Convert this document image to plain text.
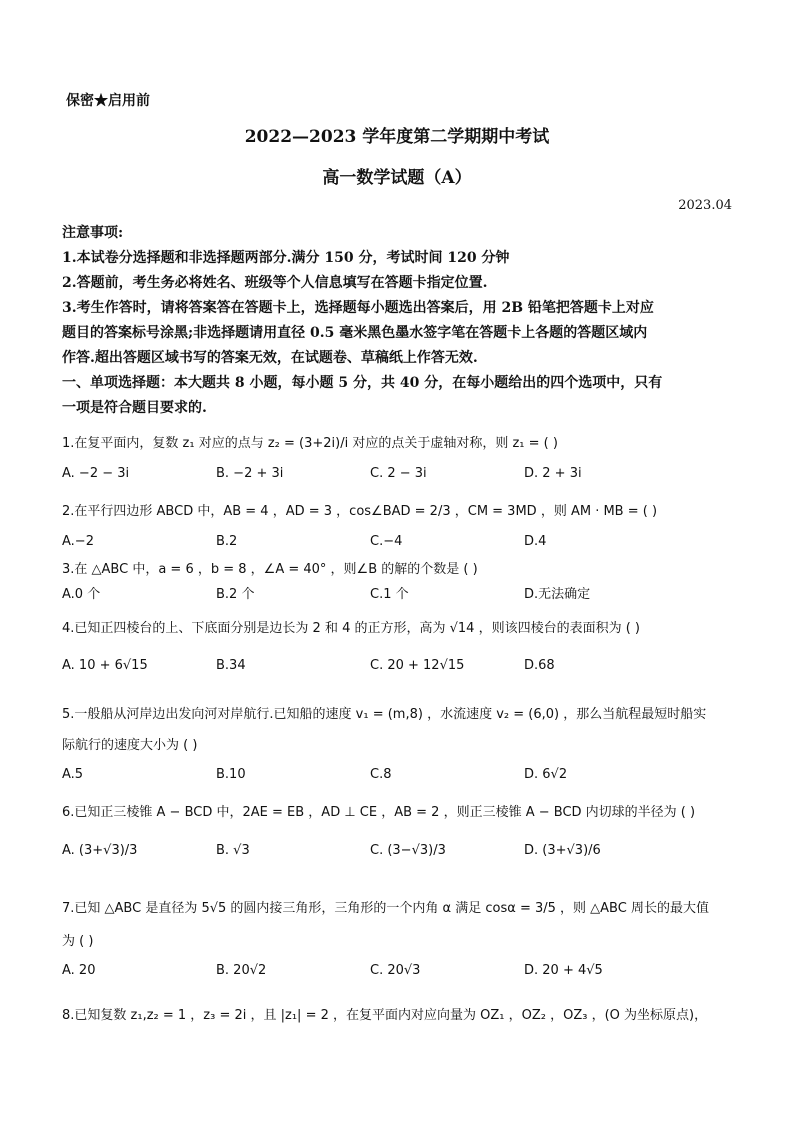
保密★启用前
2022—2023 学年度第二学期期中考试
高一数学试题（A）
2023.04
注意事项:
1.本试卷分选择题和非选择题两部分.满分 150 分，考试时间 120 分钟
2.答题前，考生务必将姓名、班级等个人信息填写在答题卡指定位置.
3.考生作答时，请将答案答在答题卡上，选择题每小题选出答案后，用 2B 铅笔把答题卡上对应
题目的答案标号涂黑;非选择题请用直径 0.5 毫米黑色墨水签字笔在答题卡上各题的答题区域内
作答.超出答题区域书写的答案无效，在试题卷、草稿纸上作答无效.
一、单项选择题：本大题共 8 小题，每小题 5 分，共 40 分，在每小题给出的四个选项中，只有
一项是符合题目要求的.
1.在复平面内，复数 z₁ 对应的点与 z₂ = (3+2i)/i 对应的点关于虚轴对称，则 z₁ = ( )
A. −2 − 3i	B. −2 + 3i	C. 2 − 3i	D. 2 + 3i
2.在平行四边形 ABCD 中，AB = 4 ，AD = 3 ，cos∠BAD = 2/3 ，CM = 3MD ，则 AM · MB = ( )
A.−2	B.2	C.−4	D.4
3.在 △ABC 中，a = 6 ，b = 8 ，∠A = 40° ，则∠B 的解的个数是 ( )
A.0 个	B.2 个	C.1 个	D.无法确定
4.已知正四棱台的上、下底面分别是边长为 2 和 4 的正方形，高为 √14 ，则该四棱台的表面积为 ( )
A. 10 + 6√15	B.34	C. 20 + 12√15	D.68
5.一般船从河岸边出发向河对岸航行.已知船的速度 v₁ = (m,8) ，水流速度 v₂ = (6,0) ，那么当航程最短时船实
际航行的速度大小为 ( )
A.5	B.10	C.8	D. 6√2
6.已知正三棱锥 A − BCD 中，2AE = EB ，AD ⊥ CE ，AB = 2 ，则正三棱锥 A − BCD 内切球的半径为 ( )
A. (3+√3)/3	B. √3	C. (3−√3)/3	D. (3+√3)/6
7.已知 △ABC 是直径为 5√5 的圆内接三角形，三角形的一个内角 α 满足 cosα = 3/5 ，则 △ABC 周长的最大值
为 ( )
A. 20	B. 20√2	C. 20√3	D. 20 + 4√5
8.已知复数 z₁,z₂ = 1 ，z₃ = 2i ，且 |z₁| = 2 ，在复平面内对应向量为 OZ₁ ，OZ₂ ，OZ₃ ，(O 为坐标原点)，
